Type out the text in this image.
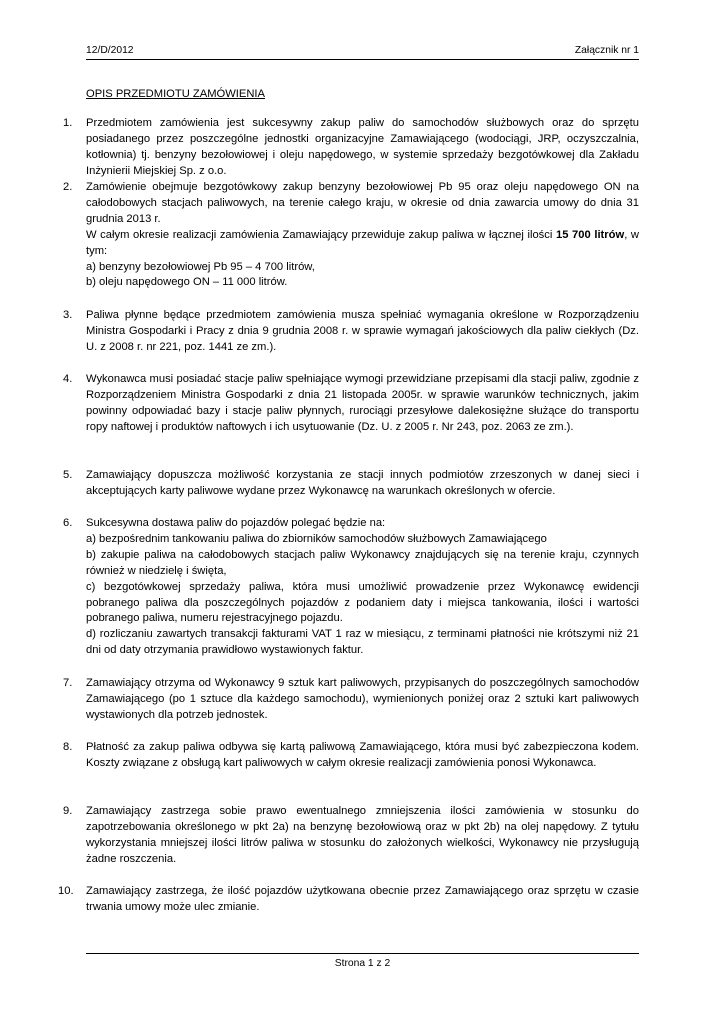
12/D/2012	Załącznik nr 1
OPIS PRZEDMIOTU ZAMÓWIENIA
1. Przedmiotem zamówienia jest sukcesywny zakup paliw do samochodów służbowych oraz do sprzętu posiadanego przez poszczególne jednostki organizacyjne Zamawiającego (wodociągi, JRP, oczyszczalnia, kotłownia) tj. benzyny bezołowiowej i oleju napędowego, w systemie sprzedaży bezgotówkowej dla Zakładu Inżynierii Miejskiej Sp. z o.o.
2. Zamówienie obejmuje bezgotówkowy zakup benzyny bezołowiowej Pb 95 oraz oleju napędowego ON na całodobowych stacjach paliwowych, na terenie całego kraju, w okresie od dnia zawarcia umowy do dnia 31 grudnia 2013 r.
W całym okresie realizacji zamówienia Zamawiający przewiduje zakup paliwa w łącznej ilości 15 700 litrów, w tym:
a) benzyny bezołowiowej Pb 95 – 4 700 litrów,
b) oleju napędowego ON – 11 000 litrów.
3. Paliwa płynne będące przedmiotem zamówienia musza spełniać wymagania określone w Rozporządzeniu Ministra Gospodarki i Pracy z dnia 9 grudnia 2008 r. w sprawie wymagań jakościowych dla paliw ciekłych (Dz. U. z 2008 r. nr 221, poz. 1441 ze zm.).
4. Wykonawca musi posiadać stacje paliw spełniające wymogi przewidziane przepisami dla stacji paliw, zgodnie z Rozporządzeniem Ministra Gospodarki z dnia 21 listopada 2005r. w sprawie warunków technicznych, jakim powinny odpowiadać bazy i stacje paliw płynnych, rurociągi przesyłowe dalekosiężne służące do transportu ropy naftowej i produktów naftowych i ich usytuowanie (Dz. U. z 2005 r. Nr 243, poz. 2063 ze zm.).
5. Zamawiający dopuszcza możliwość korzystania ze stacji innych podmiotów zrzeszonych w danej sieci i akceptujących karty paliwowe wydane przez Wykonawcę na warunkach określonych w ofercie.
6. Sukcesywna dostawa paliw do pojazdów polegać będzie na:
a) bezpośrednim tankowaniu paliwa do zbiorników samochodów służbowych Zamawiającego
b) zakupie paliwa na całodobowych stacjach paliw Wykonawcy znajdujących się na terenie kraju, czynnych również w niedzielę i święta,
c) bezgotówkowej sprzedaży paliwa, która musi umożliwić prowadzenie przez Wykonawcę ewidencji pobranego paliwa dla poszczególnych pojazdów z podaniem daty i miejsca tankowania, ilości i wartości pobranego paliwa, numeru rejestracyjnego pojazdu.
d) rozliczaniu zawartych transakcji fakturami VAT 1 raz w miesiącu, z terminami płatności nie krótszymi niż 21 dni od daty otrzymania prawidłowo wystawionych faktur.
7. Zamawiający otrzyma od Wykonawcy 9 sztuk kart paliwowych, przypisanych do poszczególnych samochodów Zamawiającego (po 1 sztuce dla każdego samochodu), wymienionych poniżej oraz 2 sztuki kart paliwowych wystawionych dla potrzeb jednostek.
8. Płatność za zakup paliwa odbywa się kartą paliwową Zamawiającego, która musi być zabezpieczona kodem. Koszty związane z obsługą kart paliwowych w całym okresie realizacji zamówienia ponosi Wykonawca.
9. Zamawiający zastrzega sobie prawo ewentualnego zmniejszenia ilości zamówienia w stosunku do zapotrzebowania określonego w pkt 2a) na benzynę bezołowiową oraz w pkt 2b) na olej napędowy. Z tytułu wykorzystania mniejszej ilości litrów paliwa w stosunku do założonych wielkości, Wykonawcy nie przysługują żadne roszczenia.
10. Zamawiający zastrzega, że ilość pojazdów użytkowana obecnie przez Zamawiającego oraz sprzętu w czasie trwania umowy może ulec zmianie.
Strona 1 z 2
